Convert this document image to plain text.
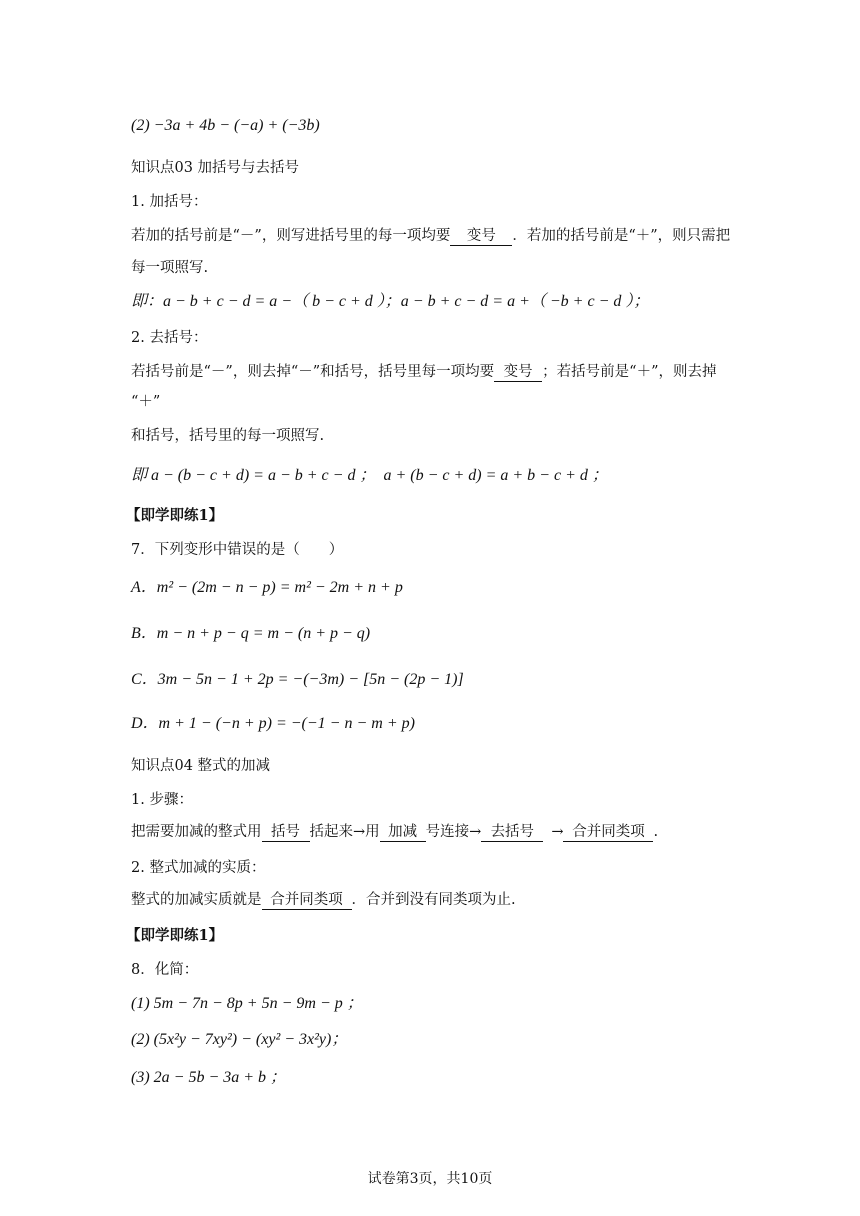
(2) −3a + 4b − (−a) + (−3b)
知识点03 加括号与去括号
1. 加括号：
若加的括号前是“－”，则写进括号里的每一项均要 变号 ．若加的括号前是“＋”，则只需把
每一项照写.
即：a − b + c − d = a −（ b − c + d ）；a − b + c − d = a +（ −b + c − d ）；
2. 去括号：
若括号前是“－”，则去掉“－”和括号，括号里每一项均要 变号 ；若括号前是“＋”，则去掉
“＋”
和括号，括号里的每一项照写.
即 a − (b − c + d) = a − b + c − d ；　a + (b − c + d) = a + b − c + d ；
【即学即练1】
7．下列变形中错误的是（　　）
A．m² − (2m − n − p) = m² − 2m + n + p
B．m − n + p − q = m − (n + p − q)
C．3m − 5n − 1 + 2p = −(−3m) − [5n − (2p − 1)]
D．m + 1 − (−n + p) = −(−1 − n − m + p)
知识点04 整式的加减
1. 步骤：
把需要加减的整式用 括号 括起来→用 加减 号连接→ 去括号 → 合并同类项 .
2. 整式加减的实质：
整式的加减实质就是 合并同类项 ．合并到没有同类项为止.
【即学即练1】
8．化简：
(1) 5m − 7n − 8p + 5n − 9m − p ；
(2) (5x²y − 7xy²) − (xy² − 3x²y)；
(3) 2a − 5b − 3a + b ；
试卷第3页，共10页
